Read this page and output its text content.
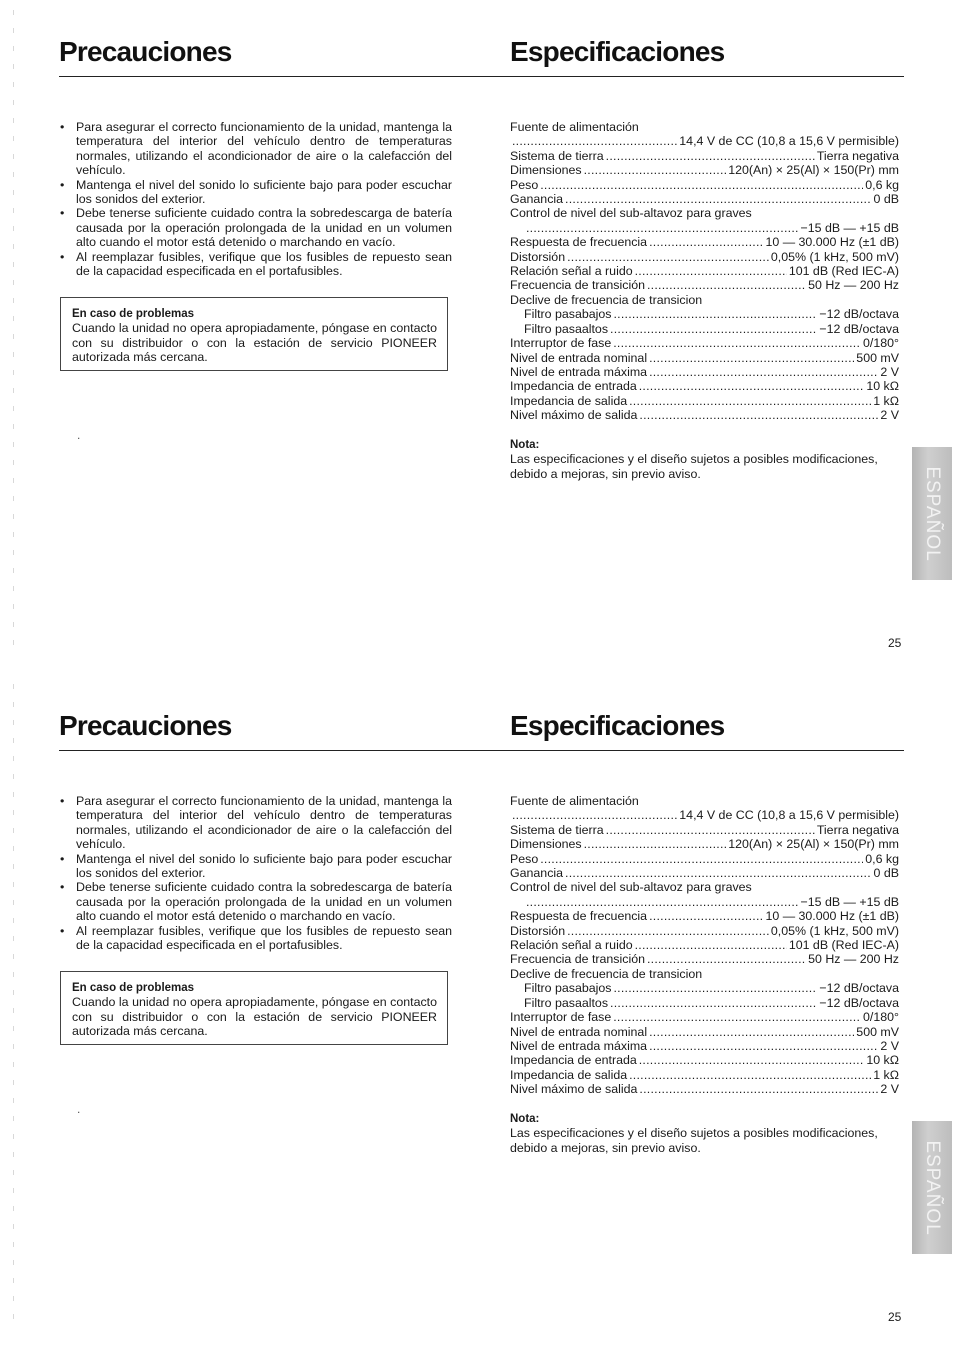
Precauciones	Especificaciones
• Para asegurar el correcto funcionamiento de la unidad, mantenga la temperatura del interior del vehículo dentro de temperaturas normales, utilizando el acondicionador de aire o la calefacción del vehículo.
• Mantenga el nivel del sonido lo suficiente bajo para poder escuchar los sonidos del exterior.
• Debe tenerse suficiente cuidado contra la sobredescarga de batería causada por la operación prolongada de la unidad en un volumen alto cuando el motor está detenido o marchando en vacío.
• Al reemplazar fusibles, verifique que los fusibles de repuesto sean de la capacidad especificada en el portafusibles.
En caso de problemas
Cuando la unidad no opera apropiadamente, póngase en contacto con su distribuidor o con la estación de servicio PIONEER autorizada más cercana.
.
Fuente de alimentación
. . .
14,4 V de CC (10,8 a 15,6 V permisible)
Sistema de tierra . . .	Tierra negativa
Dimensiones . . .	120(An) × 25(Al) × 150(Pr) mm
Peso . . .	0,6 kg
Ganancia . . .	0 dB
Control de nivel del sub-altavoz para graves
. . .
−15 dB — +15 dB
Respuesta de frecuencia . . .	10 — 30.000 Hz (±1 dB)
Distorsión . . .	0,05% (1 kHz, 500 mV)
Relación señal a ruido . . .	101 dB (Red IEC-A)
Frecuencia de transición . . .	50 Hz — 200 Hz
Declive de frecuencia de transicion
Filtro pasabajos . . .	−12 dB/octava
Filtro pasaaltos . . .	−12 dB/octava
Interruptor de fase . . .	0/180°
Nivel de entrada nominal . . .	500 mV
Nivel de entrada máxima . . .	2 V
Impedancia de entrada . . .	10 kΩ
Impedancia de salida . . .	1 kΩ
Nivel máximo de salida . . .	2 V
Nota:
Las especificaciones y el diseño sujetos a posibles modificaciones, debido a mejoras, sin previo aviso.	ESPAÑOL
25
Precauciones	Especificaciones
• Para asegurar el correcto funcionamiento de la unidad, mantenga la temperatura del interior del vehículo dentro de temperaturas normales, utilizando el acondicionador de aire o la calefacción del vehículo.
• Mantenga el nivel del sonido lo suficiente bajo para poder escuchar los sonidos del exterior.
• Debe tenerse suficiente cuidado contra la sobredescarga de batería causada por la operación prolongada de la unidad en un volumen alto cuando el motor está detenido o marchando en vacío.
• Al reemplazar fusibles, verifique que los fusibles de repuesto sean de la capacidad especificada en el portafusibles.
En caso de problemas
Cuando la unidad no opera apropiadamente, póngase en contacto con su distribuidor o con la estación de servicio PIONEER autorizada más cercana.
.
Fuente de alimentación
. . .
14,4 V de CC (10,8 a 15,6 V permisible)
Sistema de tierra . . .	Tierra negativa
Dimensiones . . .	120(An) × 25(Al) × 150(Pr) mm
Peso . . .	0,6 kg
Ganancia . . .	0 dB
Control de nivel del sub-altavoz para graves
. . .
−15 dB — +15 dB
Respuesta de frecuencia . . .	10 — 30.000 Hz (±1 dB)
Distorsión . . .	0,05% (1 kHz, 500 mV)
Relación señal a ruido . . .	101 dB (Red IEC-A)
Frecuencia de transición . . .	50 Hz — 200 Hz
Declive de frecuencia de transicion
Filtro pasabajos . . .	−12 dB/octava
Filtro pasaaltos . . .	−12 dB/octava
Interruptor de fase . . .	0/180°
Nivel de entrada nominal . . .	500 mV
Nivel de entrada máxima . . .	2 V
Impedancia de entrada . . .	10 kΩ
Impedancia de salida . . .	1 kΩ
Nivel máximo de salida . . .	2 V
Nota:
Las especificaciones y el diseño sujetos a posibles modificaciones, debido a mejoras, sin previo aviso.	ESPAÑOL
25
